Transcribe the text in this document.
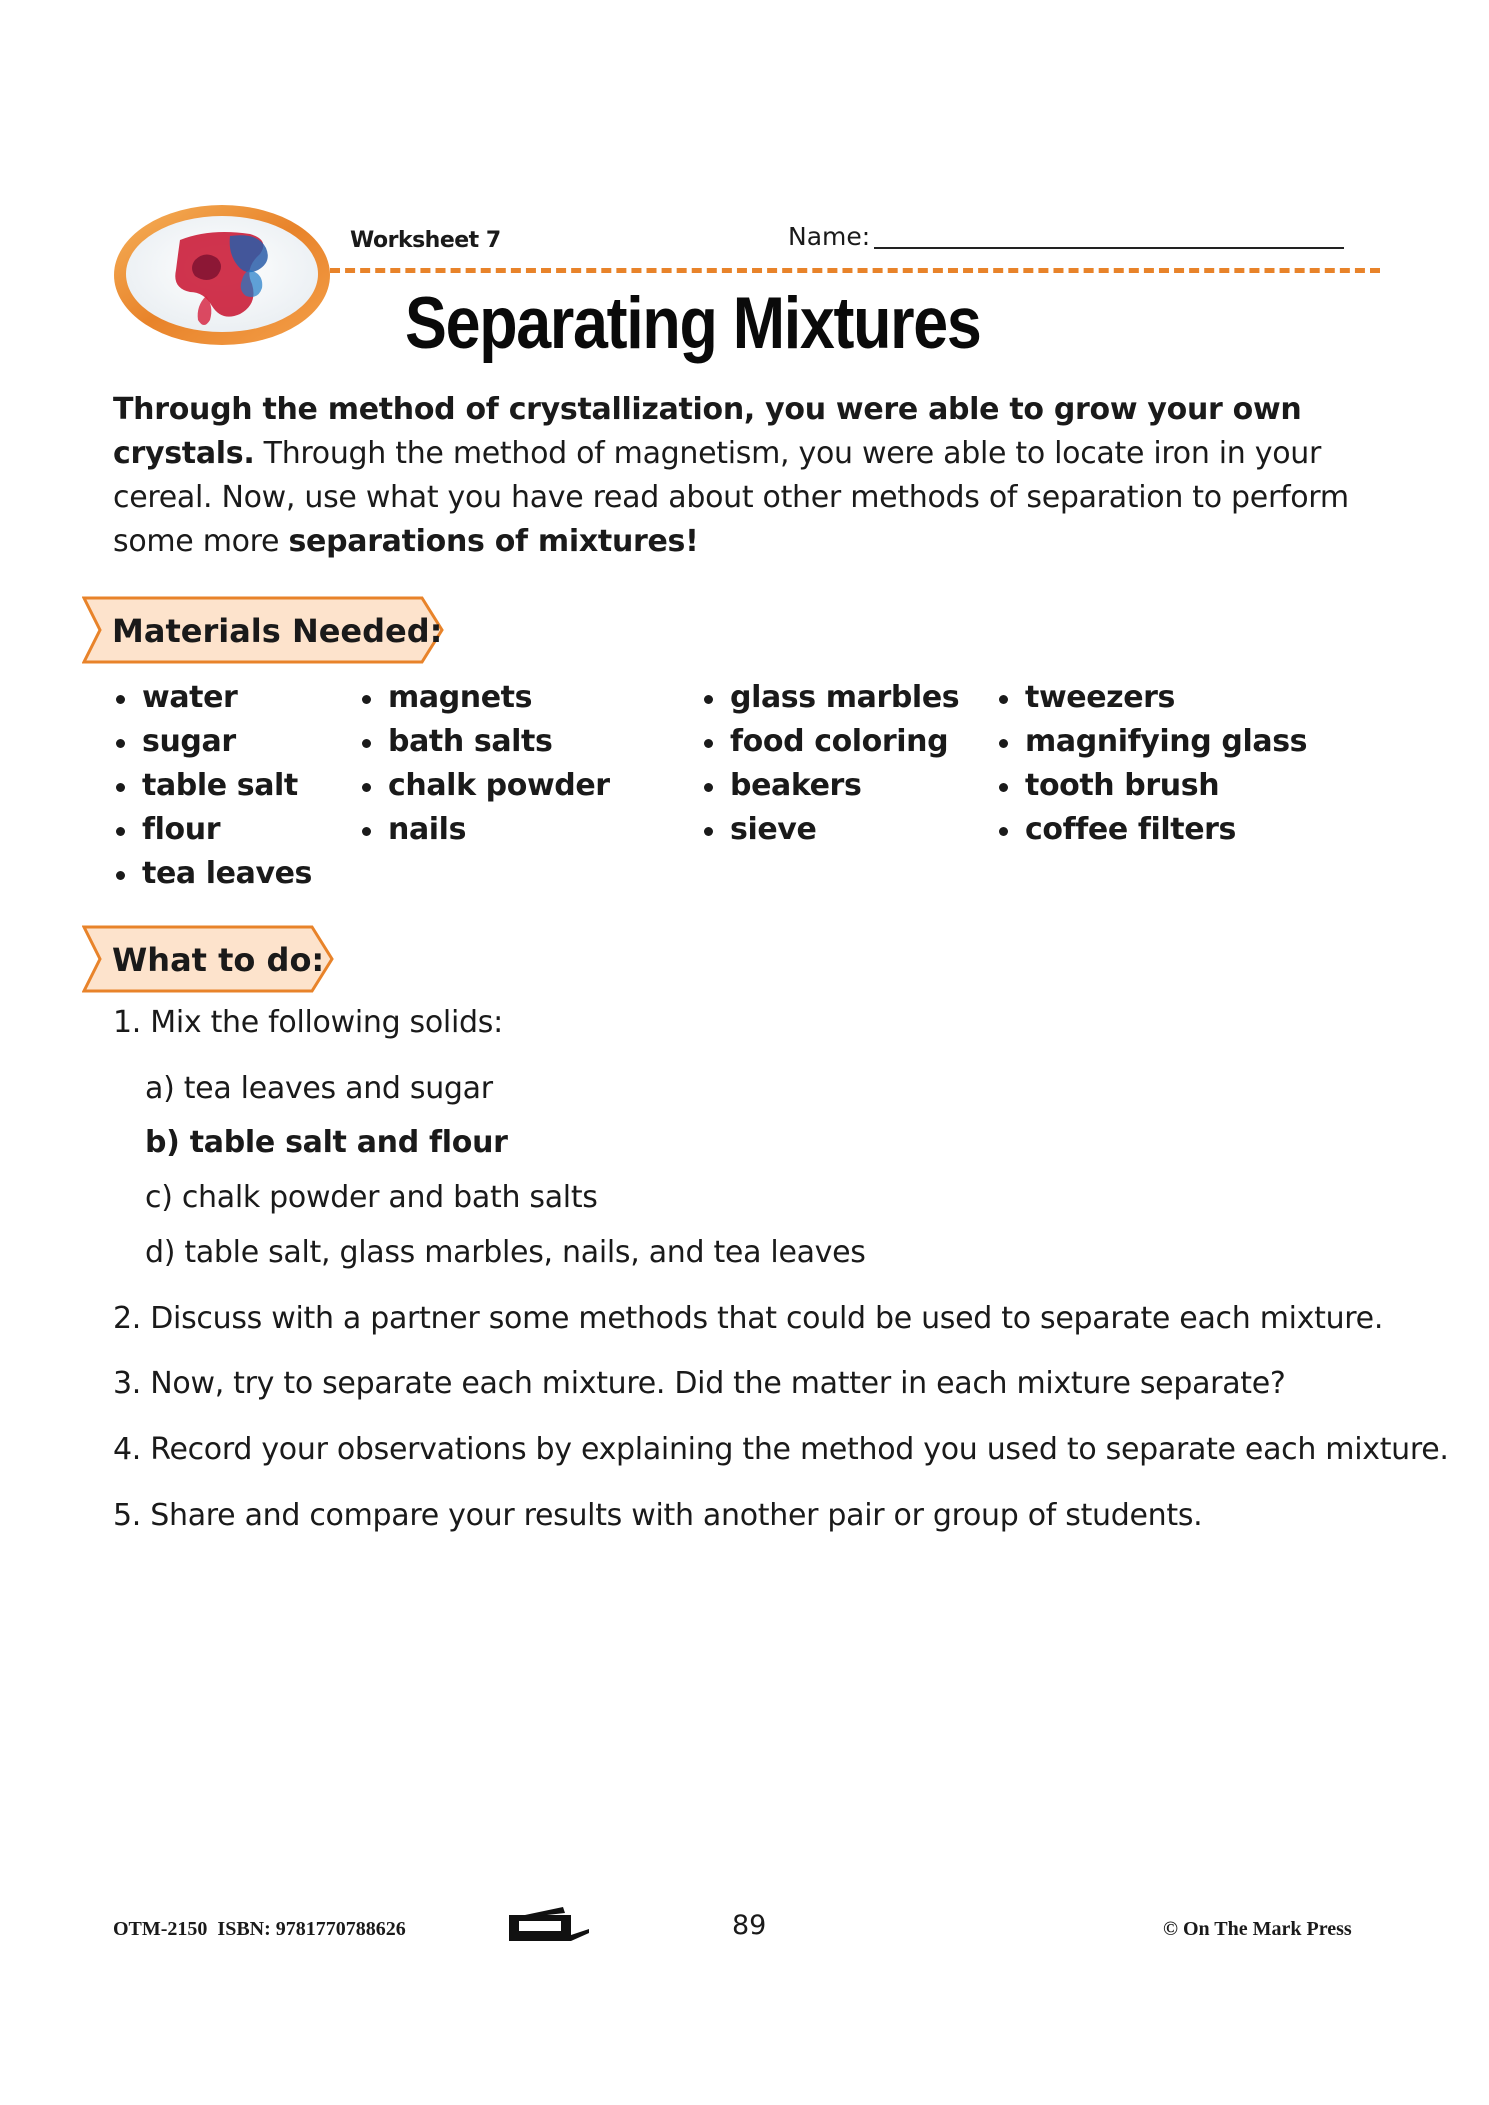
Worksheet 7	Name:
Separating Mixtures
Through the method of crystallization, you were able to grow your own crystals. Through the method of magnetism, you were able to locate iron in your cereal. Now, use what you have read about other methods of separation to perform some more separations of mixtures!
Materials Needed:
water
sugar
table salt
flour
tea leaves
magnets
bath salts
chalk powder
nails
glass marbles
food coloring
beakers
sieve
tweezers
magnifying glass
tooth brush
coffee filters
What to do:
1. Mix the following solids:
a) tea leaves and sugar
b) table salt and flour
c) chalk powder and bath salts
d) table salt, glass marbles, nails, and tea leaves
2. Discuss with a partner some methods that could be used to separate each mixture.
3. Now, try to separate each mixture. Did the matter in each mixture separate?
4. Record your observations by explaining the method you used to separate each mixture.
5. Share and compare your results with another pair or group of students.
OTM-2150  ISBN: 9781770788626	89	© On The Mark Press
